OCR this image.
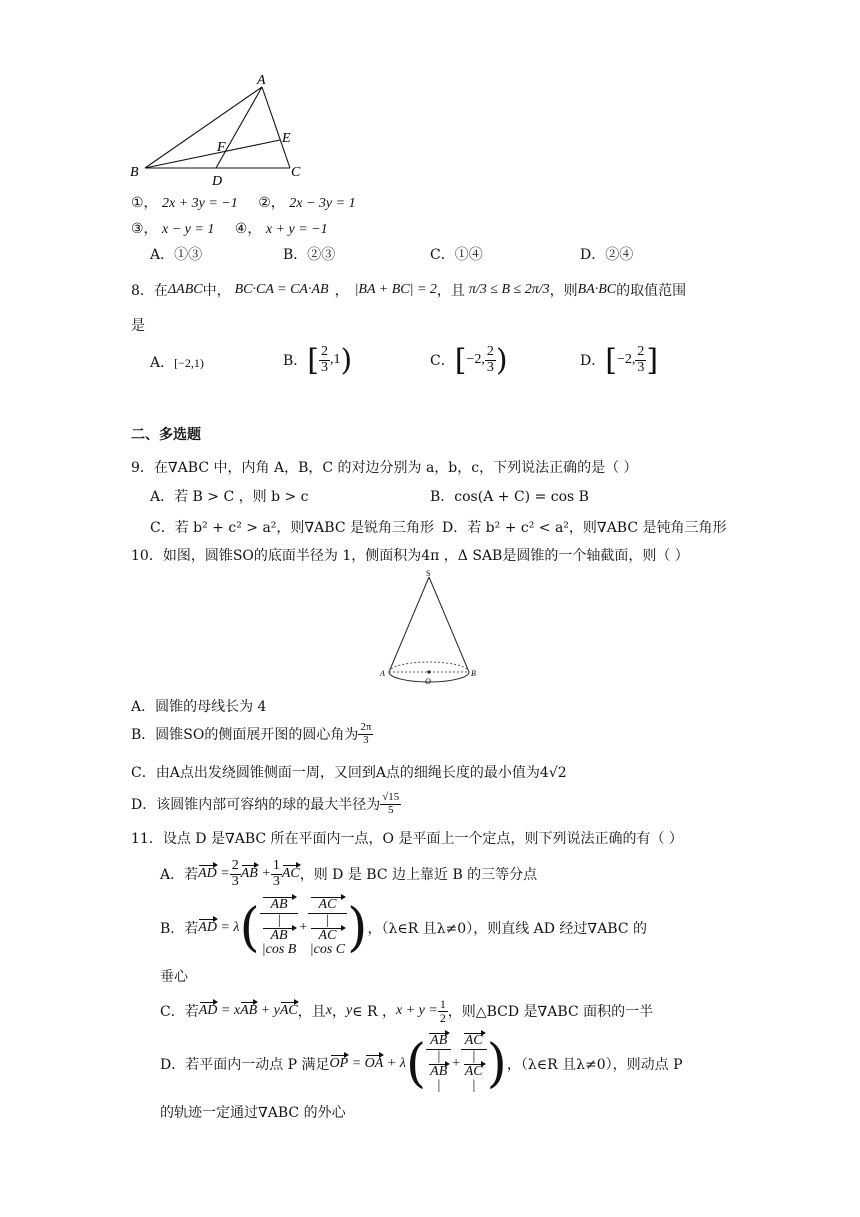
A
B	C
D
E
F
①， 2x + 3y = −1 ②， 2x − 3y = 1
③， x − y = 1 ④， x + y = −1
A．①③	B．②③	C．①④	D．②④
8．在 ΔABC 中， BC·CA = CA·AB ， |BA + BC| = 2 ，且 π/3 ≤ B ≤ 2π/3 ，则 BA·BC 的取值范围
是
A．[−2,1)	B． [ $\frac{2}{3} ,1$ )	C． [ −2, $\frac{2}{3}$ )	D． [ −2, $\frac{2}{3}$ ]
二、多选题
9．在∇ABC 中，内角 A，B，C 的对边分别为 a，b，c，下列说法正确的是（ ）
A．若 B > C ，则 b > c	B．cos(A + C) = cos B
C．若 b² + c² > a²，则∇ABC 是锐角三角形 D．若 b² + c² < a²，则∇ABC 是钝角三角形
10．如图，圆锥SO的底面半径为 1，侧面积为4π ，Δ SAB是圆锥的一个轴截面，则（ ）
S
A	B
O
A．圆锥的母线长为 4
B．圆锥SO的侧面展开图的圆心角为 $\frac{2\pi}{3}$
C．由A点出发绕圆锥侧面一周，又回到A点的细绳长度的最小值为4√2
D．该圆锥内部可容纳的球的最大半径为 $\frac{√15}{5}$
11．设点 D 是∇ABC 所在平面内一点，O 是平面上一个定点，则下列说法正确的有（ ）
A．若 AD = $\frac{2}{3}$ AB + $\frac{1}{3}$ AC ，则 D 是 BC 边上靠近 B 的三等分点
B．若 AD = λ ( AB
|
AB
|cos B + AC
|
AC
|cos C ) ，（λ∈R 且λ≠0），则直线 AD 经过∇ABC 的
垂心
C．若 AD = xAB + yAC ，且 x ， y ∈ R ， $x + y = \frac{1}{2}$ ，则△BCD 是∇ABC 面积的一半
D．若平面内一动点 P 满足 OP = OA + λ ( AB
|
AB
| + AC
|
AC
| ) ，（λ∈R 且λ≠0），则动点 P
的轨迹一定通过∇ABC 的外心
